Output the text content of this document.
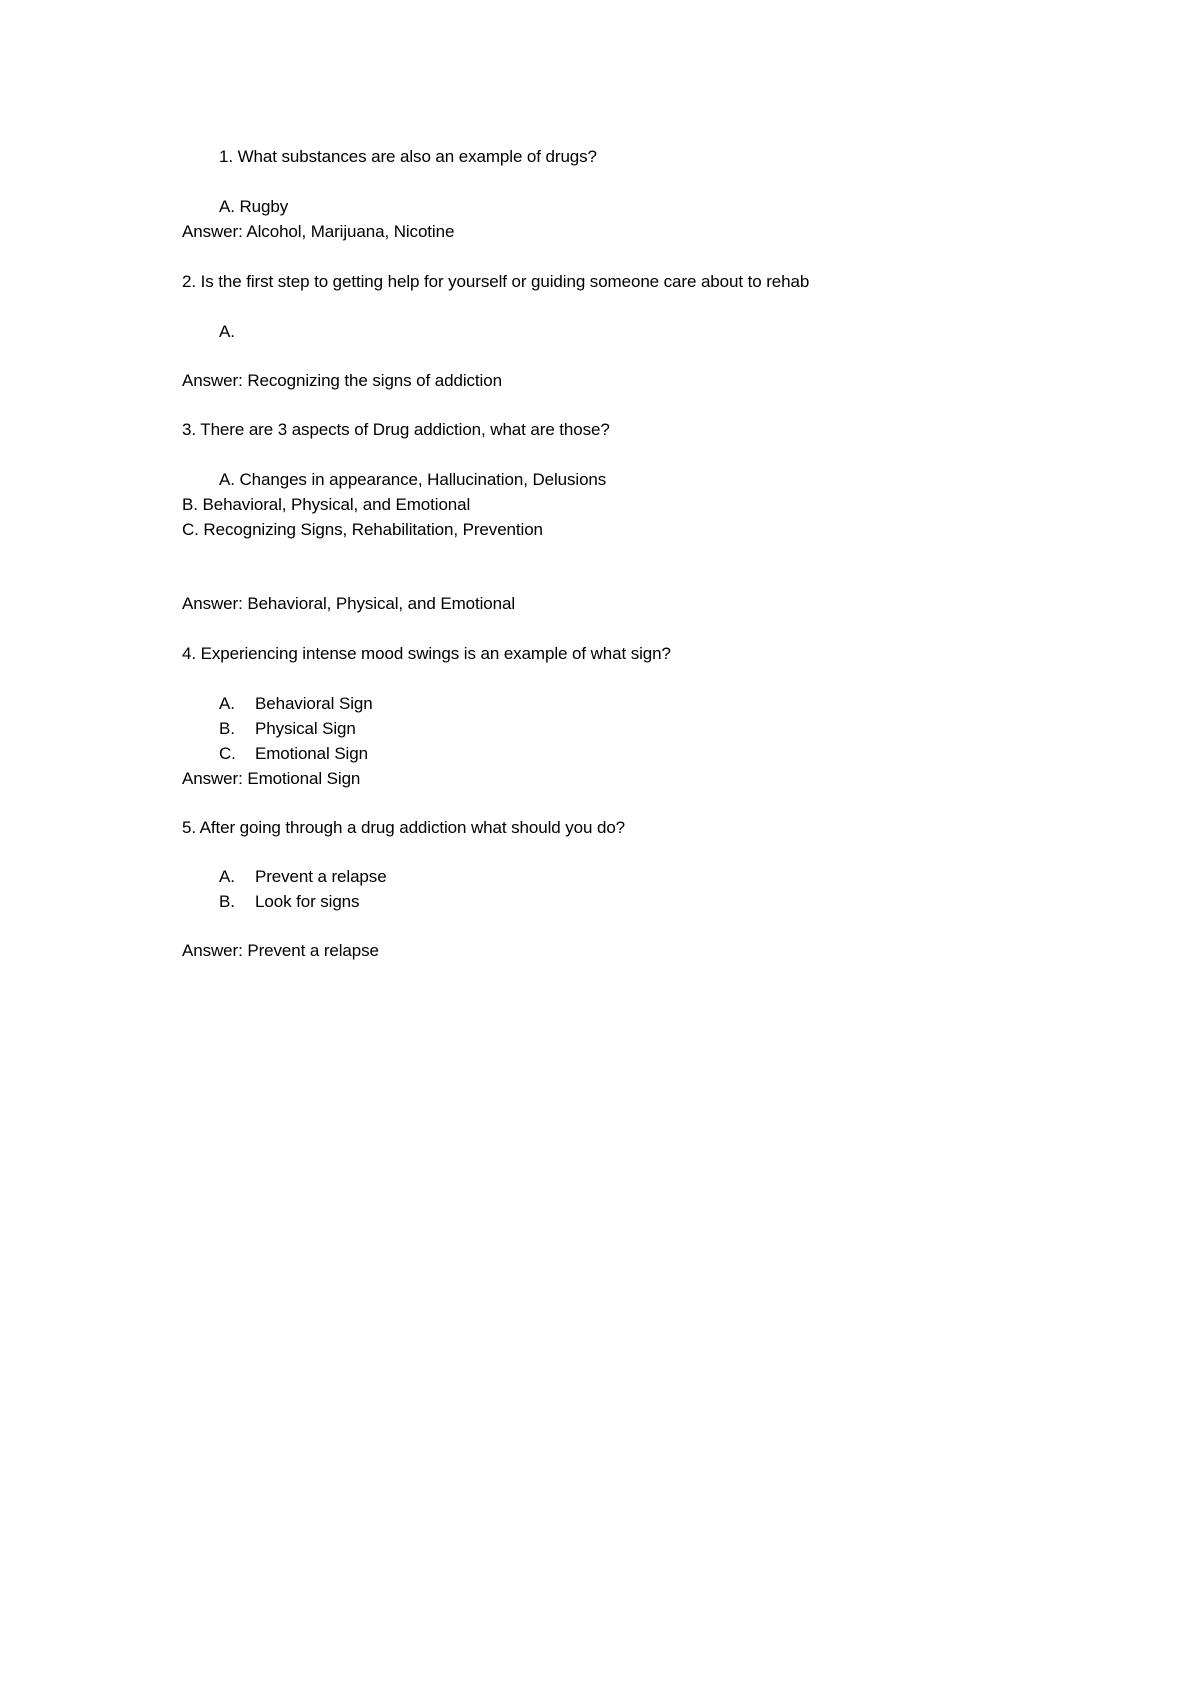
1. What substances are also an example of drugs?
A. Rugby
Answer: Alcohol, Marijuana, Nicotine
2. Is the first step to getting help for yourself or guiding someone care about to rehab
A.
Answer: Recognizing the signs of addiction
3. There are 3 aspects of Drug addiction, what are those?
A. Changes in appearance, Hallucination, Delusions
B. Behavioral, Physical, and Emotional
C. Recognizing Signs, Rehabilitation, Prevention
Answer: Behavioral, Physical, and Emotional
4. Experiencing intense mood swings is an example of what sign?
A. Behavioral Sign
B. Physical Sign
C. Emotional Sign
Answer: Emotional Sign
5. After going through a drug addiction what should you do?
A. Prevent a relapse
B. Look for signs
Answer: Prevent a relapse
